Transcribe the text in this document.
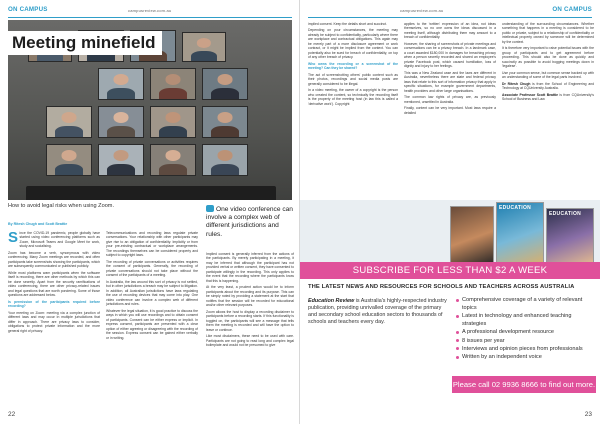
ON CAMPUS	campusreview.com.au
Meeting minefield
How to avoid legal risks when using Zoom.
By Ritesh Chugh and Scott Beattie

Since the COVID-19 pandemic, people globally have started using video conferencing platforms such as Zoom, Microsoft Teams and Google Meet for work, study and socialising.

Zoom has become a verb, synonymous with video conferencing. Many Zoom meetings are recorded, and often participants take screenshots showing the participants, which are subsequently communicated or published publicly.

While most platforms warn participants when the software itself is recording, there are other methods by which this can be done secretly. Apart from the security ramifications of video conferencing, there are other privacy-related issues and legal questions that are worth pondering. Some of those questions are addressed below.

Is permission of the participants required before recording?

Your meeting on Zoom: meeting via a complex junction of different laws and may occur in multiple jurisdictions that differ in approach. There are privacy laws to consider, obligations to protect private information and the more general right of privacy.

Telecommunications and recording laws regulate private conversations. Your relationship with other participants may give rise to an obligation of confidentiality. Implicitly or from your pre-existing contractual or workplace arrangements. The recordings themselves can be considered property and subject to copyright laws.

The recording of private conversations or activities requires the consent of participants. Generally, the recording of private conversations should not take place without the consent of the participants of a meeting.

In Australia, the law around this sort of privacy is not settled, but in other jurisdictions a breach may be subject to litigation. In addition, all Australian jurisdictions have laws regulating the use of recording devices that may come into play. One video conference can involve a complex web of different jurisdictions and rules.

Whatever the legal situation, it is good practice to discuss the ways in which you will use recordings and to obtain consent of participants. Consent can be either express or implicit. In express consent, participants are presented with a clear option of either agreeing or disagreeing with the recording of the session. Express consent can be gained either verbally or in writing.

One video conference can involve a complex web of different jurisdictions and rules.

Implied consent is generally inferred from the actions of the participants. By merely participating in a meeting, it may be inferred that although the participant has not provided verbal or written consent, they have consented to participate willingly in the recording. This only applies to the event that the recording where the participants know that this is happening.

At the very least, a prudent action would be to inform participants about the recording and its purpose. This can be simply noted by providing a statement at the start that notifies that the session will be recorded for educational and/or other relevant purposes.

Zoom allows the host to display a recording disclaimer to participants before a recording starts. If this functionality is toggled on, the participants will see a message that tells them the meeting is recorded and will have the option to leave or continue.

Like most disclaimers, these need to be used with care. Participants are not going to read long and complex legal boilerplate and would not be presumed to give

22
campusreview.com.au	ON CAMPUS

implied consent. Keep the details short and succinct.

Depending on your circumstances, the meeting may already be subject to confidentiality, particularly where there are workplace and contractual obligations. This again may be merely part of a more disclosure agreement or work contract, or it might be implied from the context. You can potentially also be sued for breach of confidentiality, on top of any other breach of privacy.

Who owns the recording or a screenshot of the meeting? Can they be shared?

The act of screenshotting others' public content such as their photos, recordings and social media posts are generally considered to be illegal.

In a video meeting, the owner of a copyright is the person who created the content, so technically the recording itself is the property of the meeting host (in law this is called a 'derivative work'). Copyright

applies to the 'written' expression of an idea, not ideas themselves, so no one owns the ideas discussed in a meeting itself, although distributing them may amount to a breach of confidentiality.

However, the sharing of screenshots of private meetings and conversations can be a privacy breach. In a landmark case, a court awarded $180,000 in damages for breaching privacy when a person secretly recorded and shared an employee's private Facebook post, which caused humiliation, loss of dignity and injury to her feelings.

This was a New Zealand case and the laws are different in Australia, nevertheless there are state and federal privacy laws that relate to this sort of information privacy that apply in specific situations, for example government departments, health providers and other large organisations.

The common law rights of privacy are, as previously mentioned, unsettled in Australia.

Finally, content can be very important. Most laws require a detailed

understanding of the surrounding circumstances. Whether something that happens in a meeting is considered to be public or private, subject to a relationship of confidentiality or intellectual property owned by someone will be determined by the context.

It is therefore very important to raise potential issues with the group of participants and to get agreement before proceeding. This should also be done as quickly and succinctly as possible to avoid bogging meetings down in 'legalese'.

Use your common sense, but common sense backed up with an understanding of some of the legal parts involved.

Dr Ritesh Chugh is from the School of Engineering and Technology at CQUniversity Australia.

Associate Professor Scott Beattie is from CQUniversity's School of Business and Law.

EDUCATION
EDUCATION
SUBSCRIBE FOR LESS THAN $2 A WEEK
THE LATEST NEWS AND RESOURCES FOR SCHOOLS AND TEACHERS ACROSS AUSTRALIA
Education Review is Australia's highly-respected industry publication, providing unrivalled coverage of the primary and secondary school education sectors to thousands of schools and teachers every day.
Comprehensive coverage of a variety of relevant topics
Latest in technology and enhanced teaching strategies
A professional development resource
8 issues per year
Interviews and opinion pieces from professionals
Written by an independent voice
Please call 02 9936 8666 to find out more.
23
